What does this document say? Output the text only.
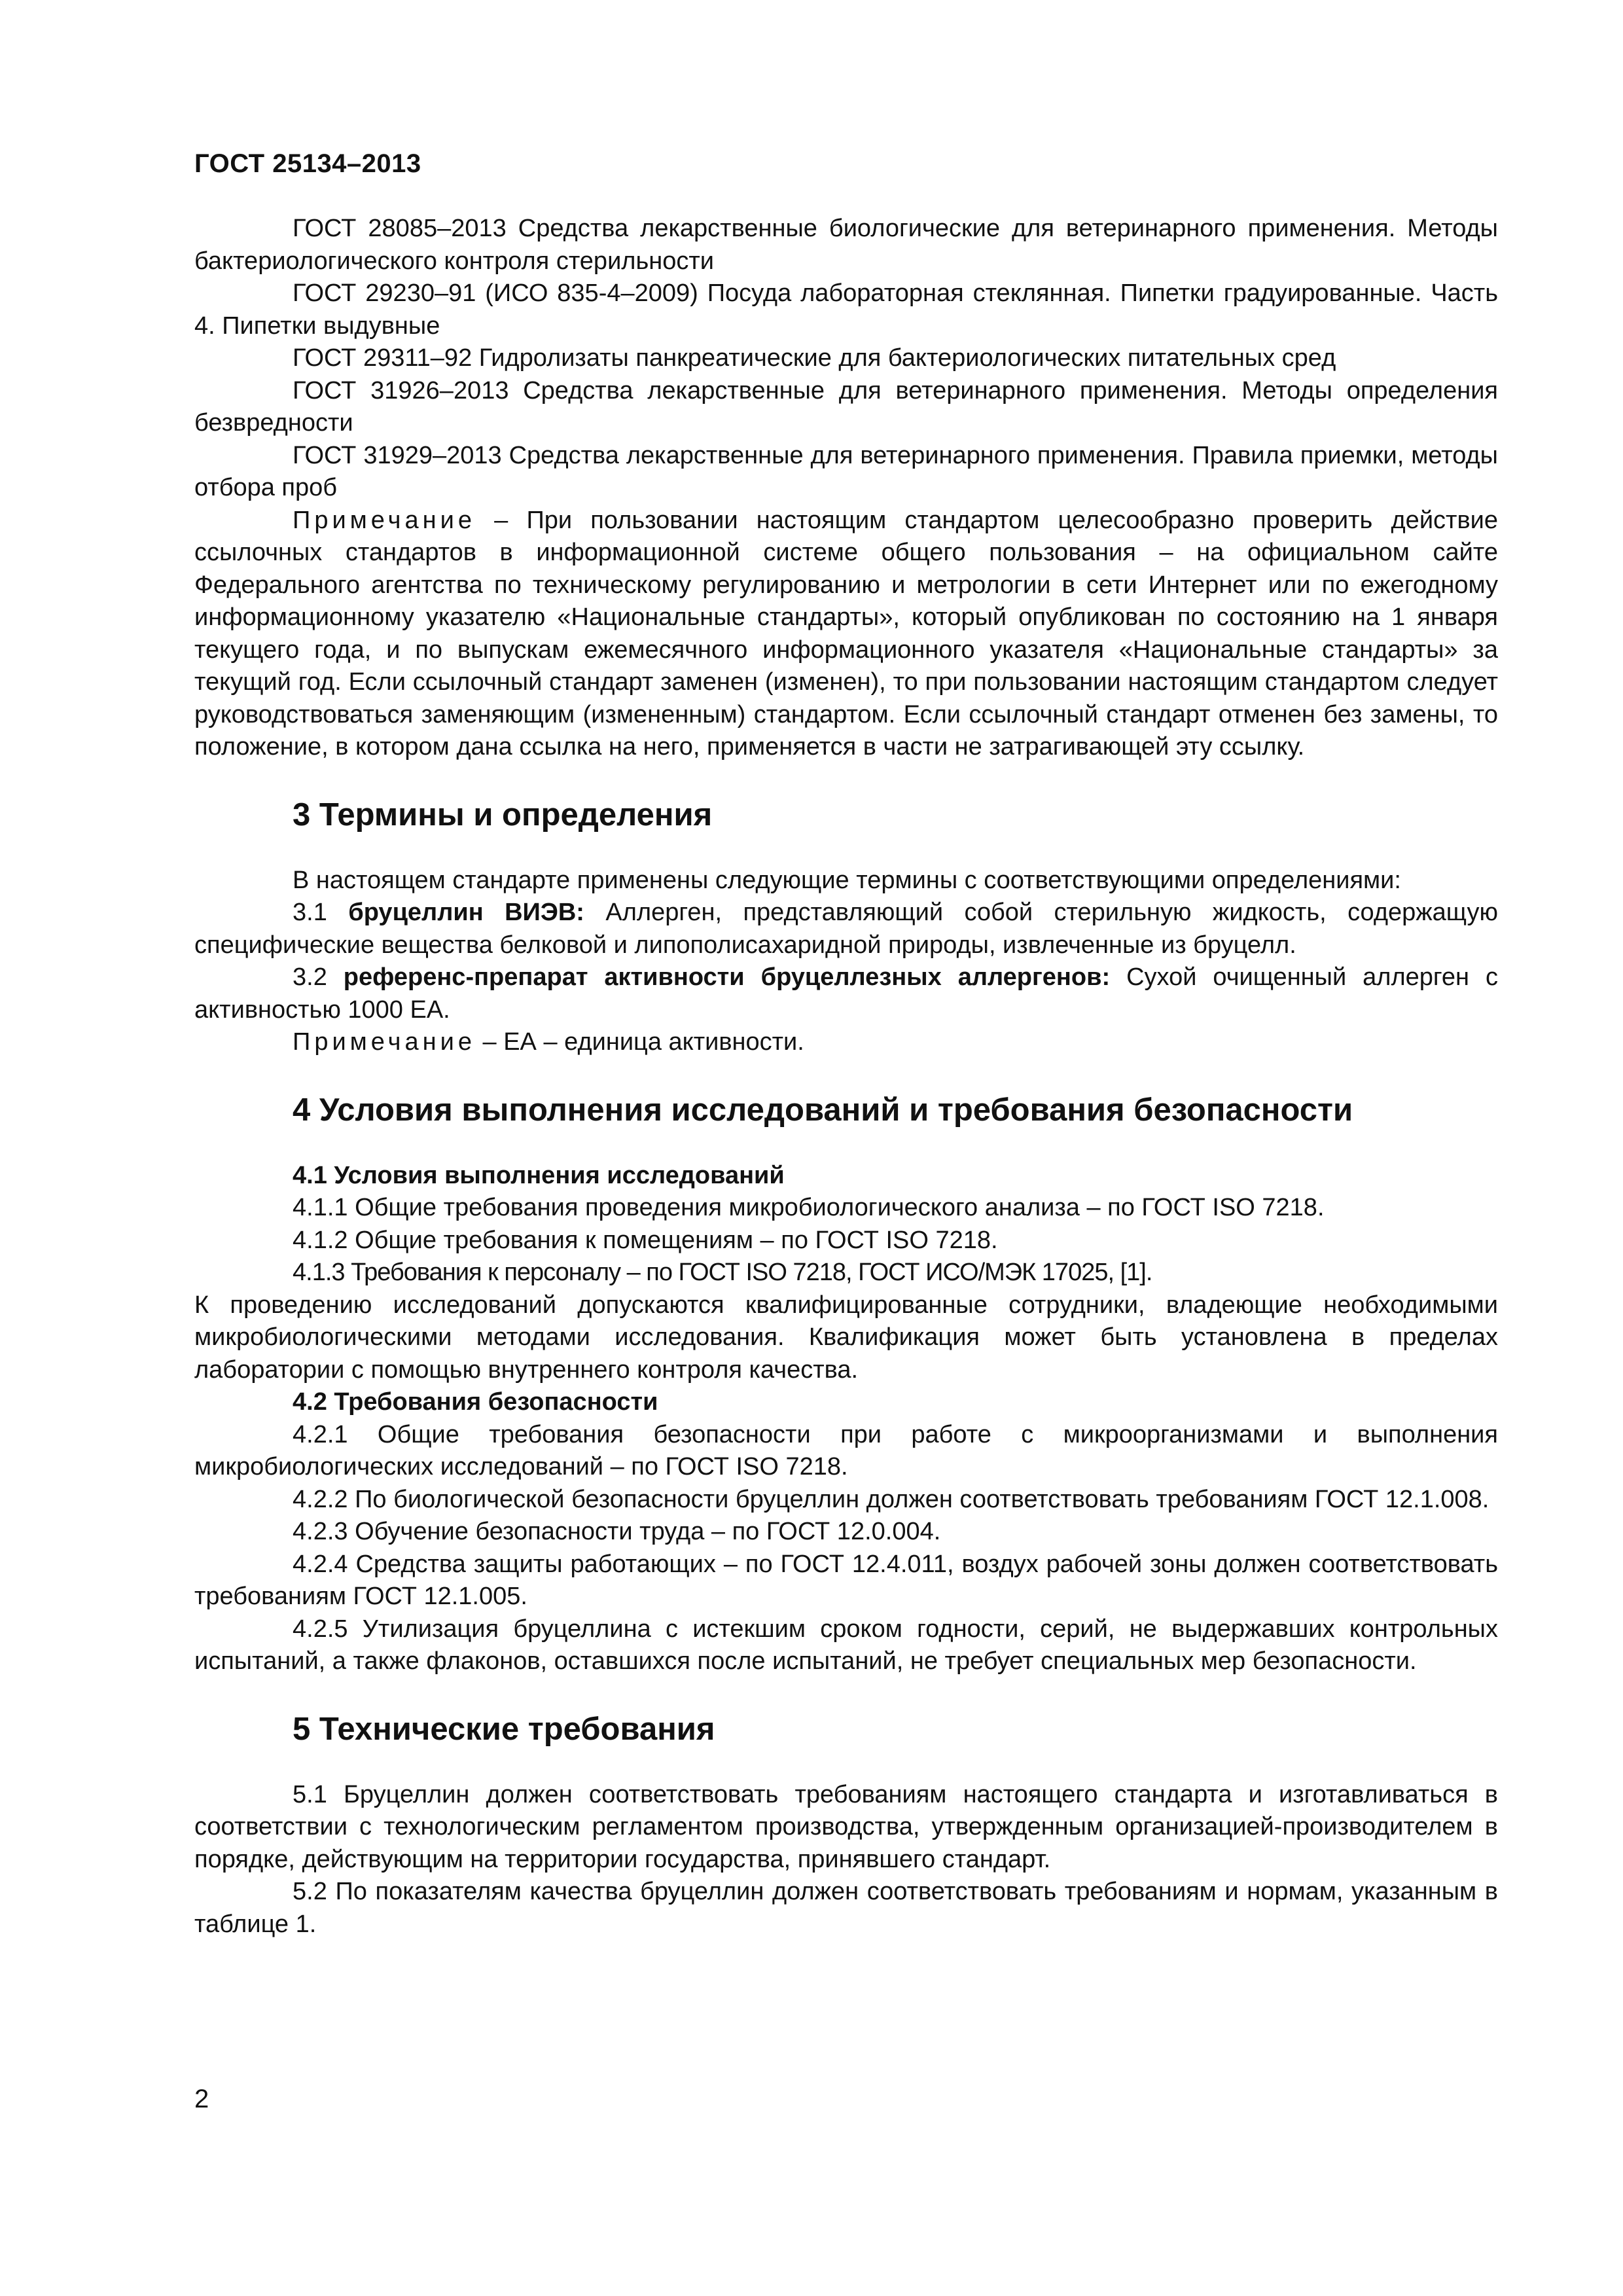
ГОСТ 25134–2013

ГОСТ 28085–2013 Средства лекарственные биологические для ветеринарного применения. Методы бактериологического контроля стерильности

ГОСТ 29230–91 (ИСО 835-4–2009) Посуда лабораторная стеклянная. Пипетки градуированные. Часть 4. Пипетки выдувные

ГОСТ 29311–92 Гидролизаты панкреатические для бактериологических питательных сред

ГОСТ 31926–2013 Средства лекарственные для ветеринарного применения. Методы определения безвредности

ГОСТ 31929–2013 Средства лекарственные для ветеринарного применения. Правила приемки, методы отбора проб

Примечание – При пользовании настоящим стандартом целесообразно проверить действие ссылочных стандартов в информационной системе общего пользования – на официальном сайте Федерального агентства по техническому регулированию и метрологии в сети Интернет или по ежегодному информационному указателю «Национальные стандарты», который опубликован по состоянию на 1 января текущего года, и по выпускам ежемесячного информационного указателя «Национальные стандарты» за текущий год. Если ссылочный стандарт заменен (изменен), то при пользовании настоящим стандартом следует руководствоваться заменяющим (измененным) стандартом. Если ссылочный стандарт отменен без замены, то положение, в котором дана ссылка на него, применяется в части не затрагивающей эту ссылку.

3 Термины и определения

В настоящем стандарте применены следующие термины с соответствующими определениями:

3.1 бруцеллин ВИЭВ: Аллерген, представляющий собой стерильную жидкость, содержащую специфические вещества белковой и липополисахаридной природы, извлеченные из бруцелл.

3.2 референс-препарат активности бруцеллезных аллергенов: Сухой очищенный аллерген с активностью 1000 ЕА.

Примечание – ЕА – единица активности.

4 Условия выполнения исследований и требования безопасности
4.1 Условия выполнения исследований

4.1.1 Общие требования проведения микробиологического анализа – по ГОСТ ISO 7218.

4.1.2 Общие требования к помещениям – по ГОСТ ISO 7218.

4.1.3 Требования к персоналу – по ГОСТ ISO 7218, ГОСТ ИСО/МЭК 17025, [1].

К проведению исследований допускаются квалифицированные сотрудники, владеющие необходимыми микробиологическими методами исследования. Квалификация может быть установлена в пределах лаборатории с помощью внутреннего контроля качества.

4.2 Требования безопасности

4.2.1 Общие требования безопасности при работе с микроорганизмами и выполнения микробиологических исследований – по ГОСТ ISO 7218.

4.2.2 По биологической безопасности бруцеллин должен соответствовать требованиям ГОСТ 12.1.008.

4.2.3 Обучение безопасности труда – по ГОСТ 12.0.004.

4.2.4 Средства защиты работающих – по ГОСТ 12.4.011, воздух рабочей зоны должен соответствовать требованиям ГОСТ 12.1.005.

4.2.5 Утилизация бруцеллина с истекшим сроком годности, серий, не выдержавших контрольных испытаний, а также флаконов, оставшихся после испытаний, не требует специальных мер безопасности.

5 Технические требования

5.1 Бруцеллин должен соответствовать требованиям настоящего стандарта и изготавливаться в соответствии с технологическим регламентом производства, утвержденным организацией-производителем в порядке, действующим на территории государства, принявшего стандарт.

5.2 По показателям качества бруцеллин должен соответствовать требованиям и нормам, указанным в таблице 1.

2
